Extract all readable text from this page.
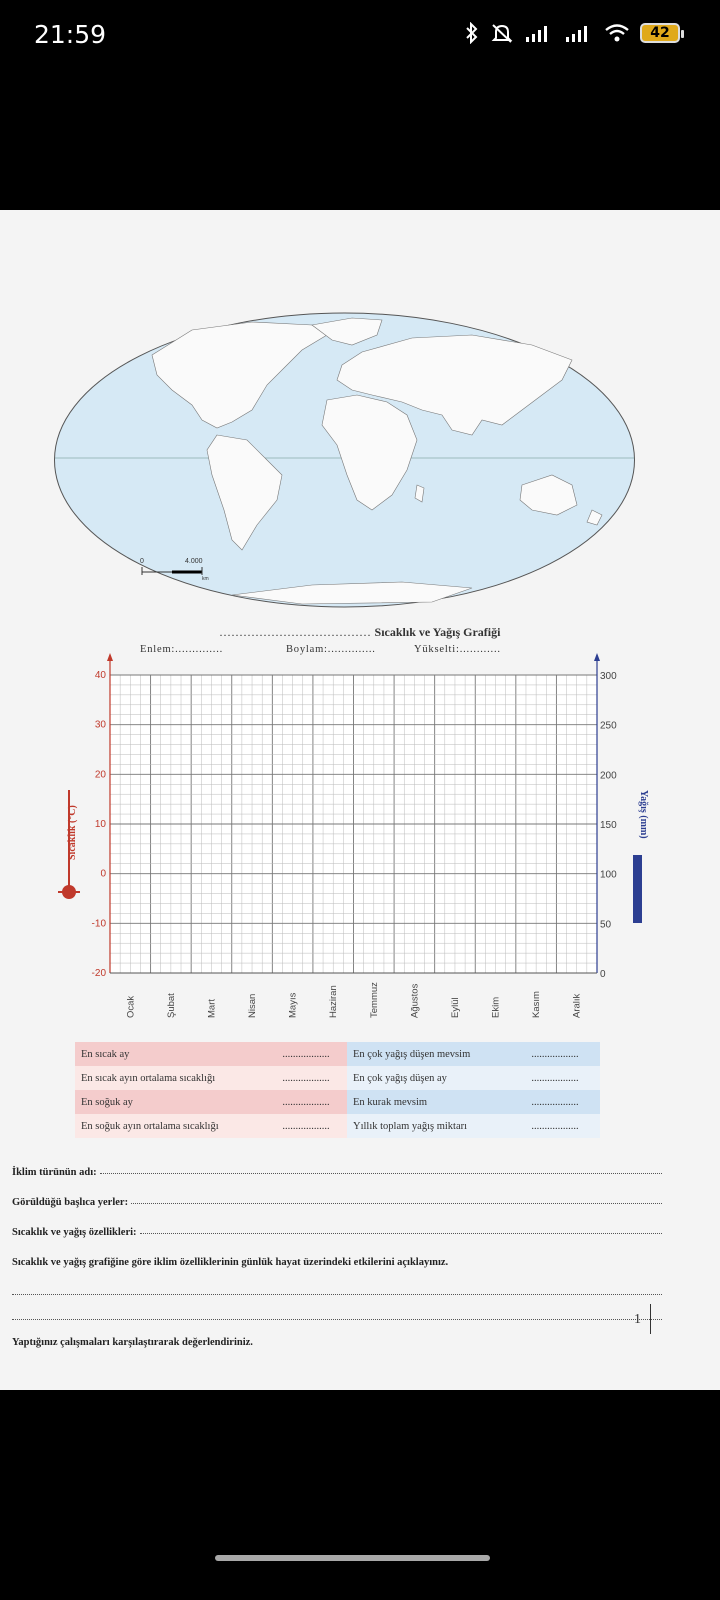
21:59	42
0	4.000
km
...................................... Sıcaklık ve Yağış Grafiği
Enlem:..............	Boylam:..............	Yükselti:............
40
30
20
10
0
-10
-20
300
250
200
150
100
50
0
Ocak	Şubat	Mart	Nisan	Mayıs	Haziran	Temmuz	Ağustos	Eylül	Ekim	Kasım	Aralık
Sıcaklık (°C)	Yağış (mm)
En sıcak ay	..................	En çok yağış düşen mevsim	..................
En sıcak ayın ortalama sıcaklığı	..................	En çok yağış düşen ay	..................
En soğuk ay	..................	En kurak mevsim	..................
En soğuk ayın ortalama sıcaklığı	..................	Yıllık toplam yağış miktarı	..................
İklim türünün adı:
Görüldüğü başlıca yerler:
Sıcaklık ve yağış özellikleri:
Sıcaklık ve yağış grafiğine göre iklim özelliklerinin günlük hayat üzerindeki etkilerini açıklayınız.
Yaptığınız çalışmaları karşılaştırarak değerlendiriniz.
1
